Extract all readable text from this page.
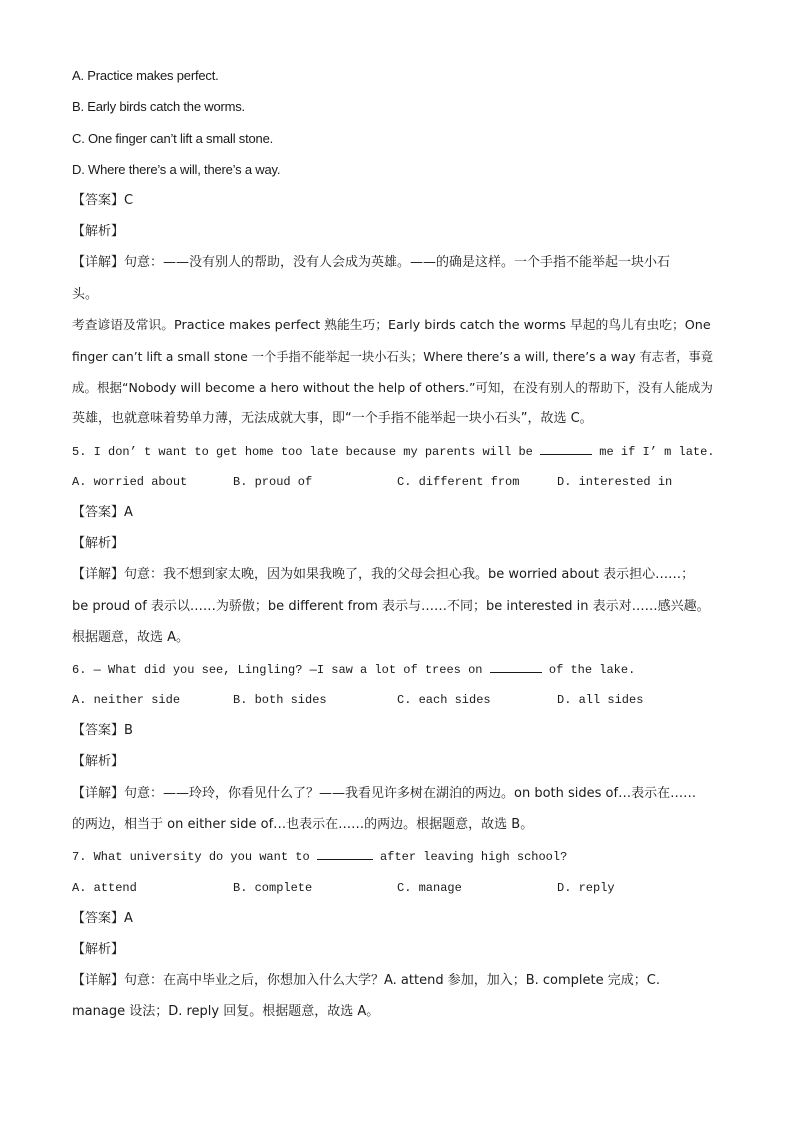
A. Practice makes perfect.
B. Early birds catch the worms.
C. One finger can’t lift a small stone.
D. Where there’s a will, there’s a way.
【答案】C
【解析】
【详解】句意：——没有别人的帮助，没有人会成为英雄。——的确是这样。一个手指不能举起一块小石
头。
考查谚语及常识。Practice makes perfect 熟能生巧；Early birds catch the worms 早起的鸟儿有虫吃；One
finger can’t lift a small stone 一个手指不能举起一块小石头；Where there’s a will, there’s a way 有志者，事竟
成。根据“Nobody will become a hero without the help of others.”可知，在没有别人的帮助下，没有人能成为
英雄，也就意味着势单力薄，无法成就大事，即“一个手指不能举起一块小石头”，故选 C。
5. I don’ t want to get home too late because my parents will be	me if I’ m late.
A. worried about	B. proud of	C. different from	D. interested in
【答案】A
【解析】
【详解】句意：我不想到家太晚，因为如果我晚了，我的父母会担心我。be worried about 表示担心……；
be proud of 表示以……为骄傲；be different from 表示与……不同；be interested in 表示对……感兴趣。
根据题意，故选 A。
6. — What did you see, Lingling? —I saw a lot of trees on	of the lake.
A. neither side	B. both sides	C. each sides	D. all sides
【答案】B
【解析】
【详解】句意：——玲玲，你看见什么了？——我看见许多树在湖泊的两边。on both sides of…表示在……
的两边，相当于 on either side of…也表示在……的两边。根据题意，故选 B。
7. What university do you want to	after leaving high school?
A. attend	B. complete	C. manage	D. reply
【答案】A
【解析】
【详解】句意：在高中毕业之后，你想加入什么大学？A. attend 参加，加入；B. complete 完成；C.
manage 设法；D. reply 回复。根据题意，故选 A。
